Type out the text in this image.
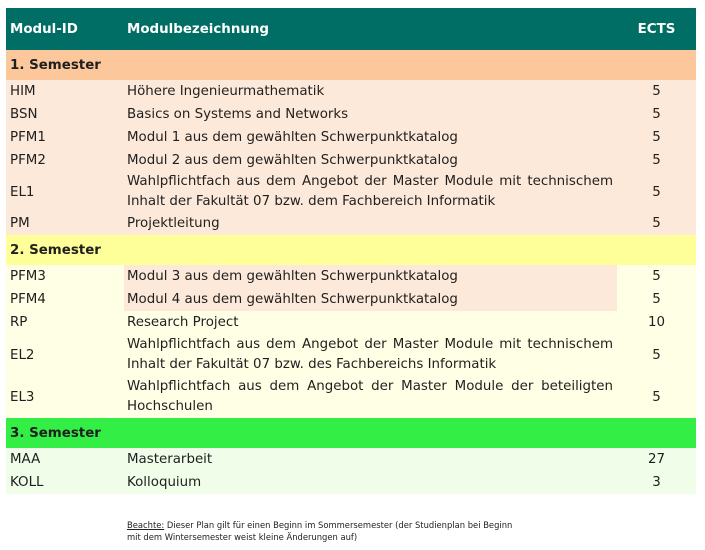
Modul-ID	Modulbezeichnung	ECTS
1. Semester		
HIM	Höhere Ingenieurmathematik	5
BSN	Basics on Systems and Networks	5
PFM1	Modul 1 aus dem gewählten Schwerpunktkatalog	5
PFM2	Modul 2 aus dem gewählten Schwerpunktkatalog	5
EL1	Wahlpflichtfach aus dem Angebot der Master Module mit technischem Inhalt der Fakultät 07 bzw. dem Fachbereich Informatik	5
PM	Projektleitung	5
2. Semester		
PFM3	Modul 3 aus dem gewählten Schwerpunktkatalog	5
PFM4	Modul 4 aus dem gewählten Schwerpunktkatalog	5
RP	Research Project	10
EL2	Wahlpflichtfach aus dem Angebot der Master Module mit technischem Inhalt der Fakultät 07 bzw. des Fachbereichs Informatik	5
EL3	Wahlpflichtfach aus dem Angebot der Master Module der beteiligten Hochschulen	5
3. Semester		
MAA	Masterarbeit	27
KOLL	Kolloquium	3
Beachte: Dieser Plan gilt für einen Beginn im Sommersemester (der Studienplan bei Beginn mit dem Wintersemester weist kleine Änderungen auf)
